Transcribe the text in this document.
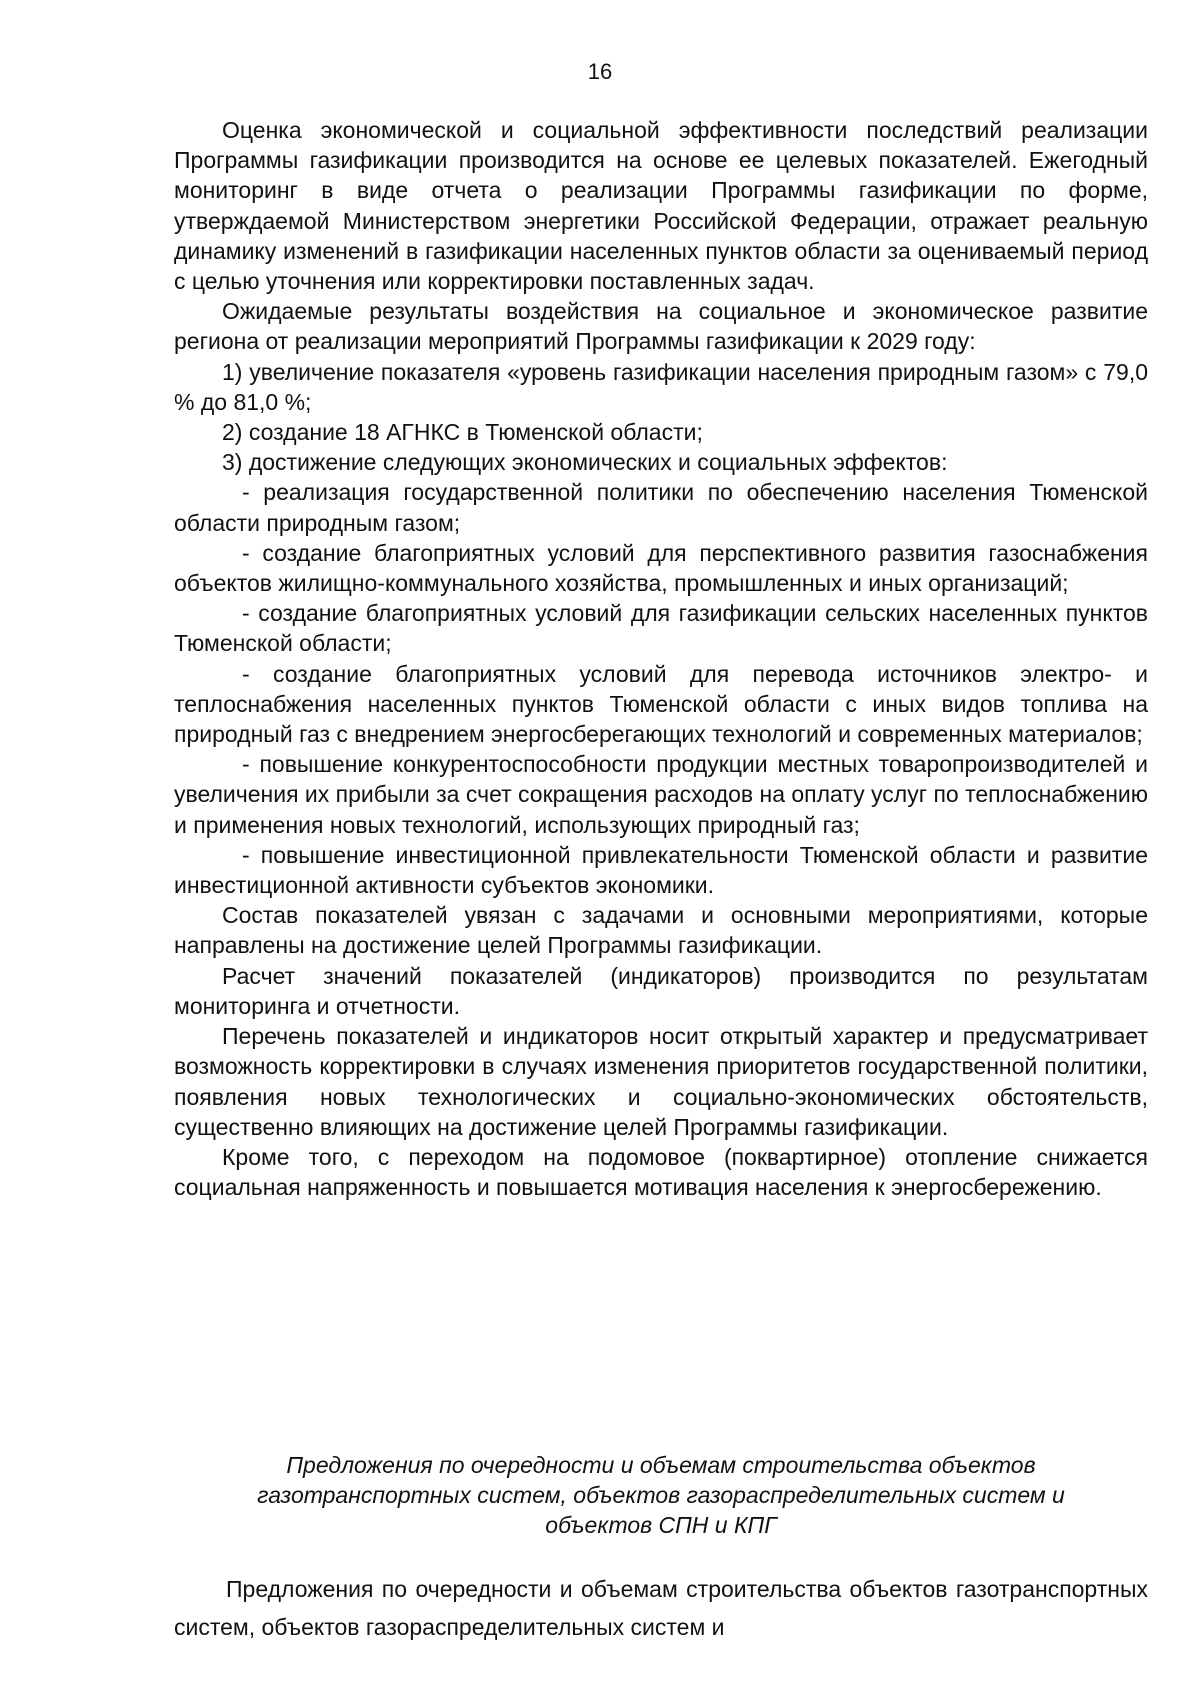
16

Оценка экономической и социальной эффективности последствий реализации Программы газификации производится на основе ее целевых показателей. Ежегодный мониторинг в виде отчета о реализации Программы газификации по форме, утверждаемой Министерством энергетики Российской Федерации, отражает реальную динамику изменений в газификации населенных пунктов области за оцениваемый период с целью уточнения или корректировки поставленных задач.

Ожидаемые результаты воздействия на социальное и экономическое развитие региона от реализации мероприятий Программы газификации к 2029 году:

1) увеличение показателя «уровень газификации населения природным газом» с 79,0 % до 81,0 %;

2) создание 18 АГНКС в Тюменской области;

3) достижение следующих экономических и социальных эффектов:

- реализация государственной политики по обеспечению населения Тюменской области природным газом;

- создание благоприятных условий для перспективного развития газоснабжения объектов жилищно-коммунального хозяйства, промышленных и иных организаций;

- создание благоприятных условий для газификации сельских населенных пунктов Тюменской области;

- создание благоприятных условий для перевода источников электро- и теплоснабжения населенных пунктов Тюменской области с иных видов топлива на природный газ с внедрением энергосберегающих технологий и современных материалов;

- повышение конкурентоспособности продукции местных товаропроизводителей и увеличения их прибыли за счет сокращения расходов на оплату услуг по теплоснабжению и применения новых технологий, использующих природный газ;

- повышение инвестиционной привлекательности Тюменской области и развитие инвестиционной активности субъектов экономики.

Состав показателей увязан с задачами и основными мероприятиями, которые направлены на достижение целей Программы газификации.

Расчет значений показателей (индикаторов) производится по результатам мониторинга и отчетности.

Перечень показателей и индикаторов носит открытый характер и предусматривает возможность корректировки в случаях изменения приоритетов государственной политики, появления новых технологических и социально-экономических обстоятельств, существенно влияющих на достижение целей Программы газификации.

Кроме того, с переходом на подомовое (поквартирное) отопление снижается социальная напряженность и повышается мотивация населения к энергосбережению.

Предложения по очередности и объемам строительства объектов
газотранспортных систем, объектов газораспределительных систем и
объектов СПН и КПГ

Предложения по очередности и объемам строительства объектов газотранспортных систем, объектов газораспределительных систем и
